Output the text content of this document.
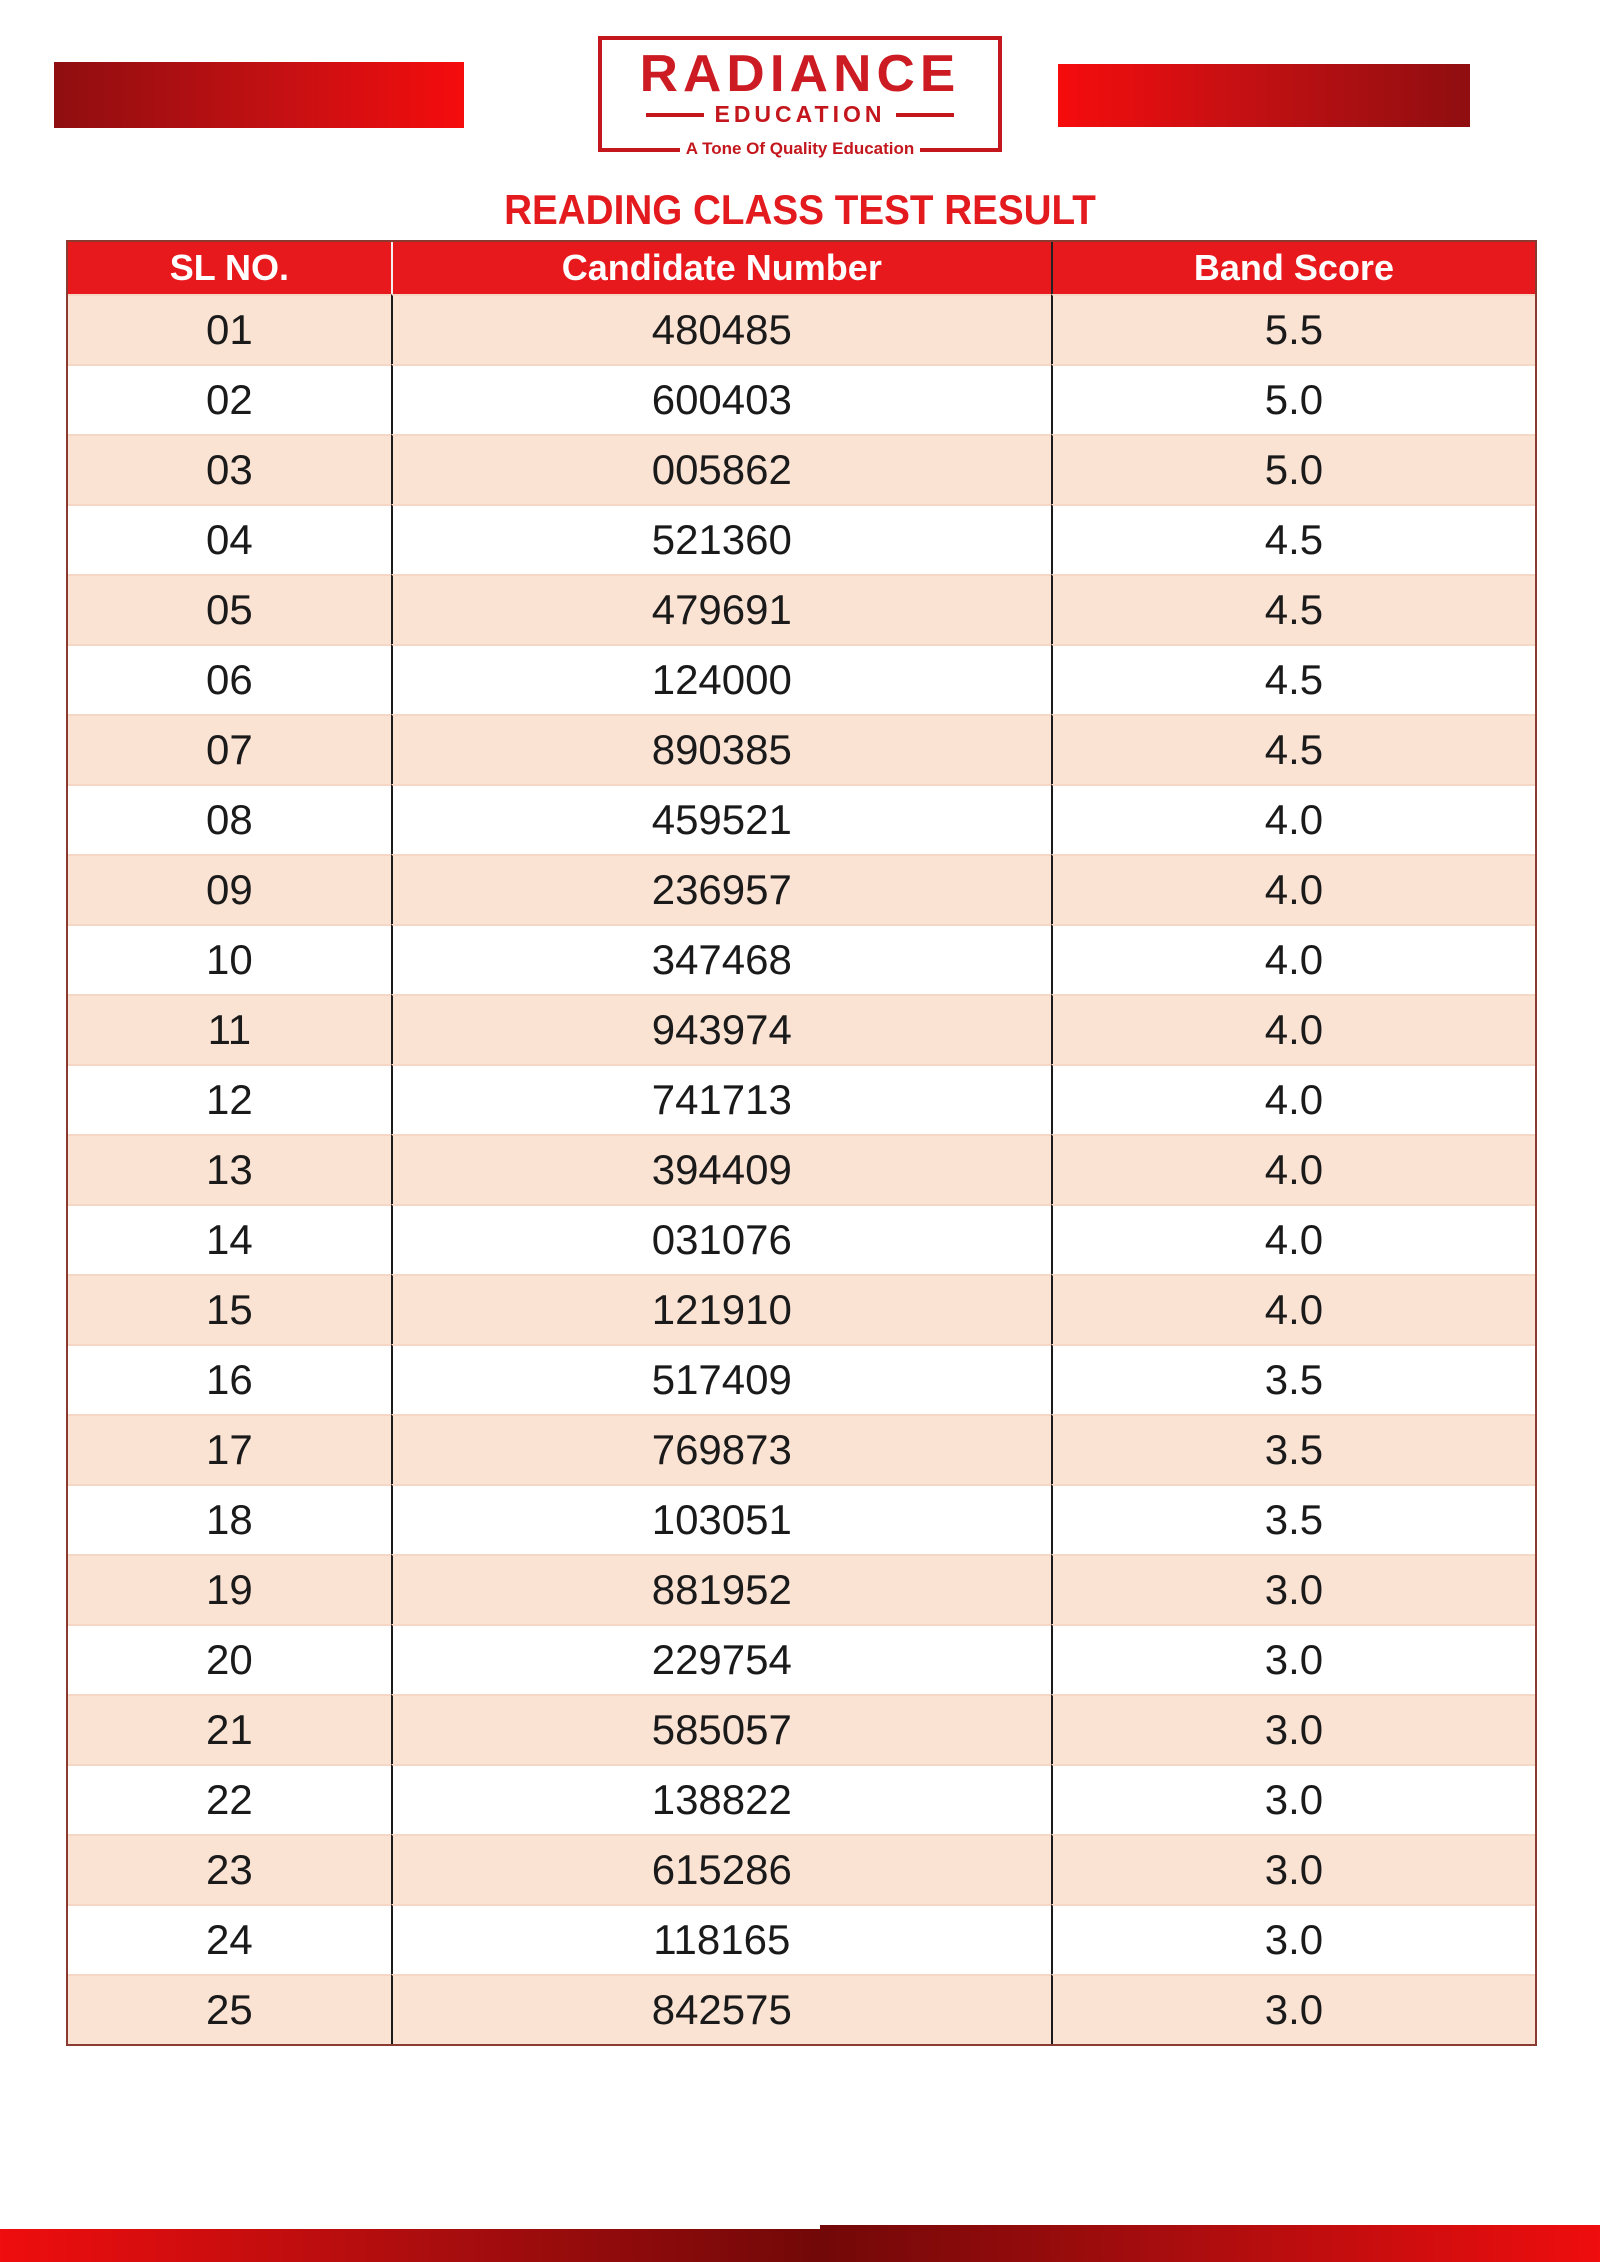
RADIANCE
EDUCATION
A Tone Of Quality Education
READING CLASS TEST RESULT
SL NO.	Candidate Number	Band Score
01	480485	5.5
02	600403	5.0
03	005862	5.0
04	521360	4.5
05	479691	4.5
06	124000	4.5
07	890385	4.5
08	459521	4.0
09	236957	4.0
10	347468	4.0
11	943974	4.0
12	741713	4.0
13	394409	4.0
14	031076	4.0
15	121910	4.0
16	517409	3.5
17	769873	3.5
18	103051	3.5
19	881952	3.0
20	229754	3.0
21	585057	3.0
22	138822	3.0
23	615286	3.0
24	118165	3.0
25	842575	3.0
